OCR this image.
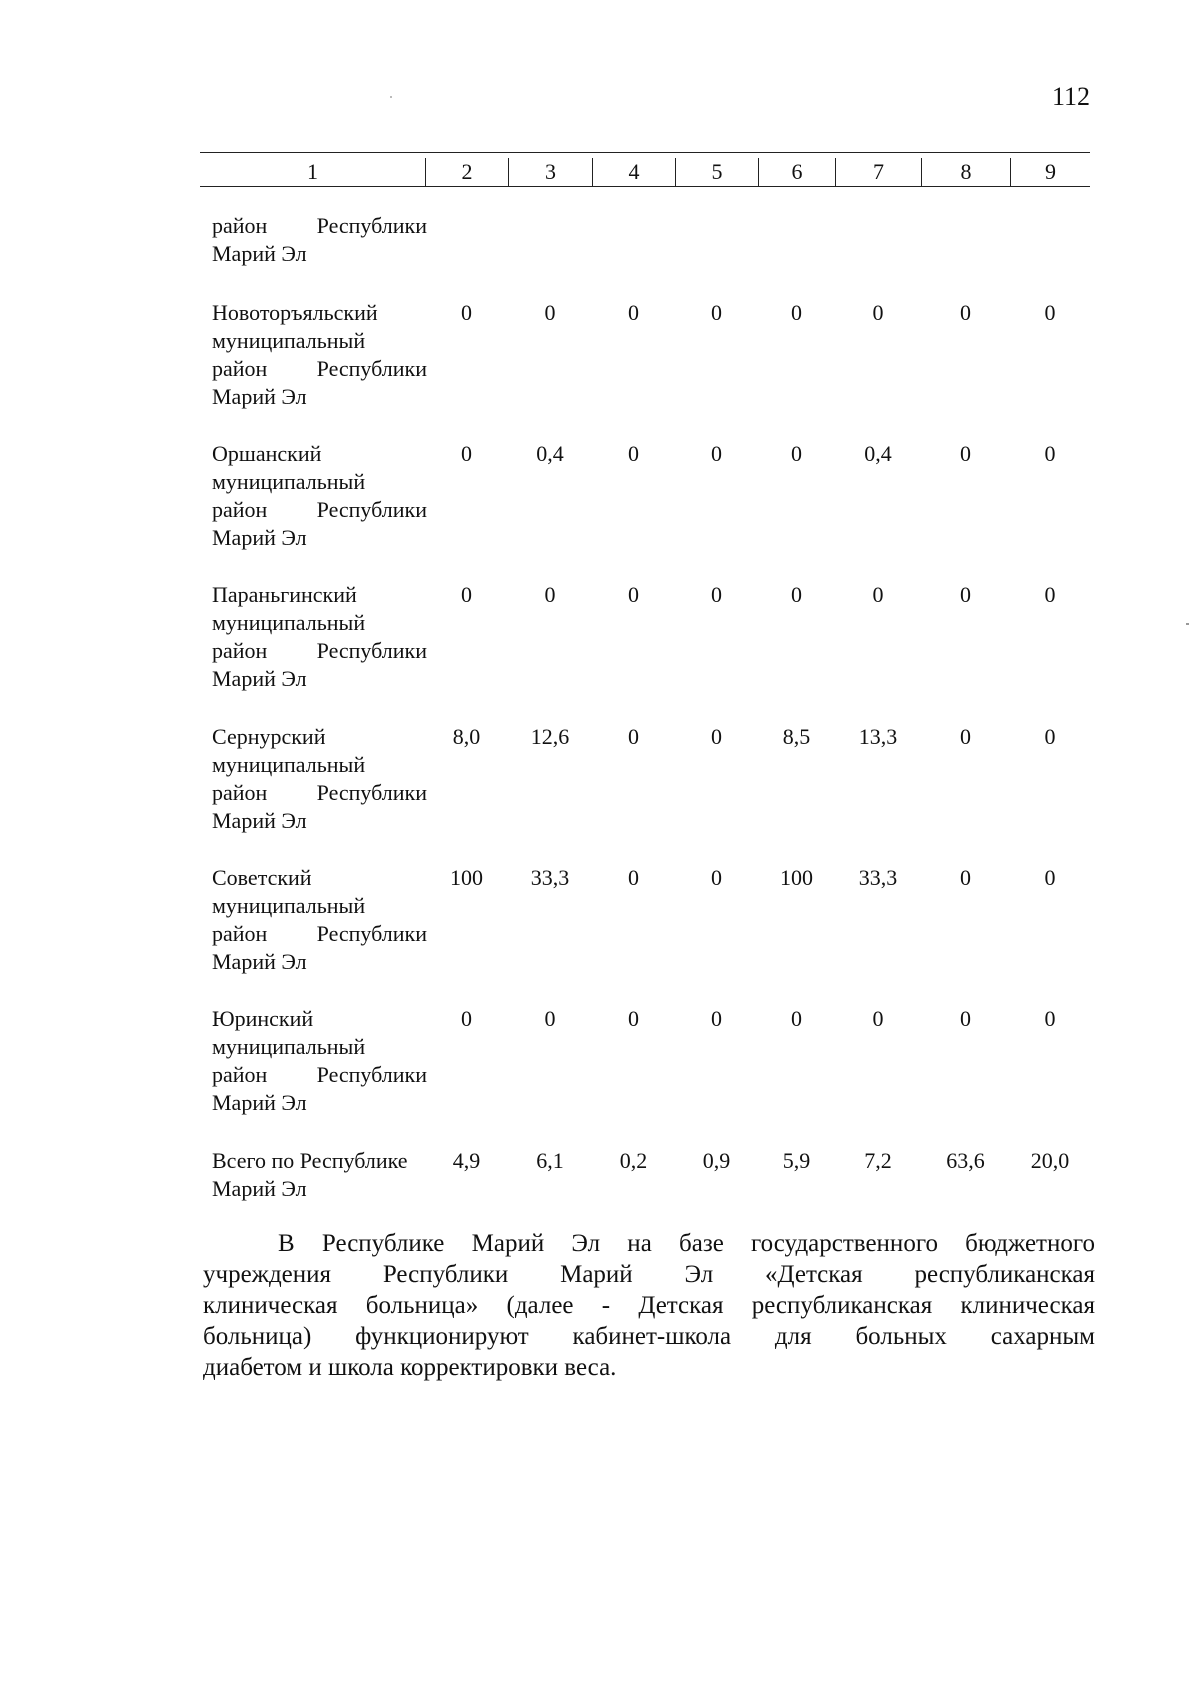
112
1	2	3	4	5	6	7	8	9
район Республики
Марий Эл
Новоторъяльский
муниципальный
район Республики
Марий Эл
0	0	0	0	0	0	0	0
Оршанский
муниципальный
район Республики
Марий Эл
0	0,4	0	0	0	0,4	0	0
Параньгинский
муниципальный
район Республики
Марий Эл
0	0	0	0	0	0	0	0
Сернурский
муниципальный
район Республики
Марий Эл
8,0	12,6	0	0	8,5	13,3	0	0
Советский
муниципальный
район Республики
Марий Эл
100	33,3	0	0	100	33,3	0	0
Юринский
муниципальный
район Республики
Марий Эл
0	0	0	0	0	0	0	0
Всего по Республике
Марий Эл
4,9	6,1	0,2	0,9	5,9	7,2	63,6	20,0
В Республике Марий Эл на базе государственного бюджетного
учреждения Республики Марий Эл «Детская республиканская
клиническая больница» (далее - Детская республиканская клиническая
больница) функционируют кабинет-школа для больных сахарным
диабетом и школа корректировки веса.
